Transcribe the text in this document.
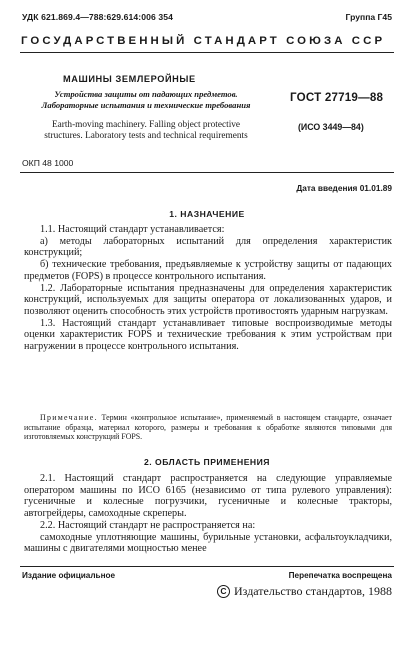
УДК 621.869.4—788:629.614:006 354	Группа Г45
ГОСУДАРСТВЕННЫЙ СТАНДАРТ СОЮЗА ССР
МАШИНЫ ЗЕМЛЕРОЙНЫЕ
Устройства защиты от падающих предметов. Лабораторные испытания и технические требования
Earth-moving machinery. Falling object protective structures. Laboratory tests and technical requirements
ГОСТ 27719—88
(ИСО 3449—84)
ОКП 48 1000
Дата введения 01.01.89
1. НАЗНАЧЕНИЕ

1.1. Настоящий стандарт устанавливается:

а) методы лабораторных испытаний для определения характеристик конструкций;

б) технические требования, предъявляемые к устройству защиты от падающих предметов (FOPS) в процессе контрольного испытания.

1.2. Лабораторные испытания предназначены для определения характеристик конструкций, используемых для защиты оператора от локализованных ударов, и позволяют оценить способность этих устройств противостоять ударным нагрузкам.

1.3. Настоящий стандарт устанавливает типовые воспроизводимые методы оценки характеристик FOPS и технические требования к этим устройствам при нагружении в процессе контрольного испытания.

Примечание. Термин «контрольное испытание», применяемый в настоящем стандарте, означает испытание образца, материал которого, размеры и требования к обработке являются типовыми для изготовляемых конструкций FOPS.
2. ОБЛАСТЬ ПРИМЕНЕНИЯ

2.1. Настоящий стандарт распространяется на следующие управляемые оператором машины по ИСО 6165 (независимо от типа рулевого управления): гусеничные и колесные погрузчики, гусеничные и колесные тракторы, автогрейдеры, самоходные скреперы.

2.2. Настоящий стандарт не распространяется на:

самоходные уплотняющие машины, бурильные установки, асфальтоукладчики, машины с двигателями мощностью менее

Издание официальное	Перепечатка воспрещена
С Издательство стандартов, 1988
